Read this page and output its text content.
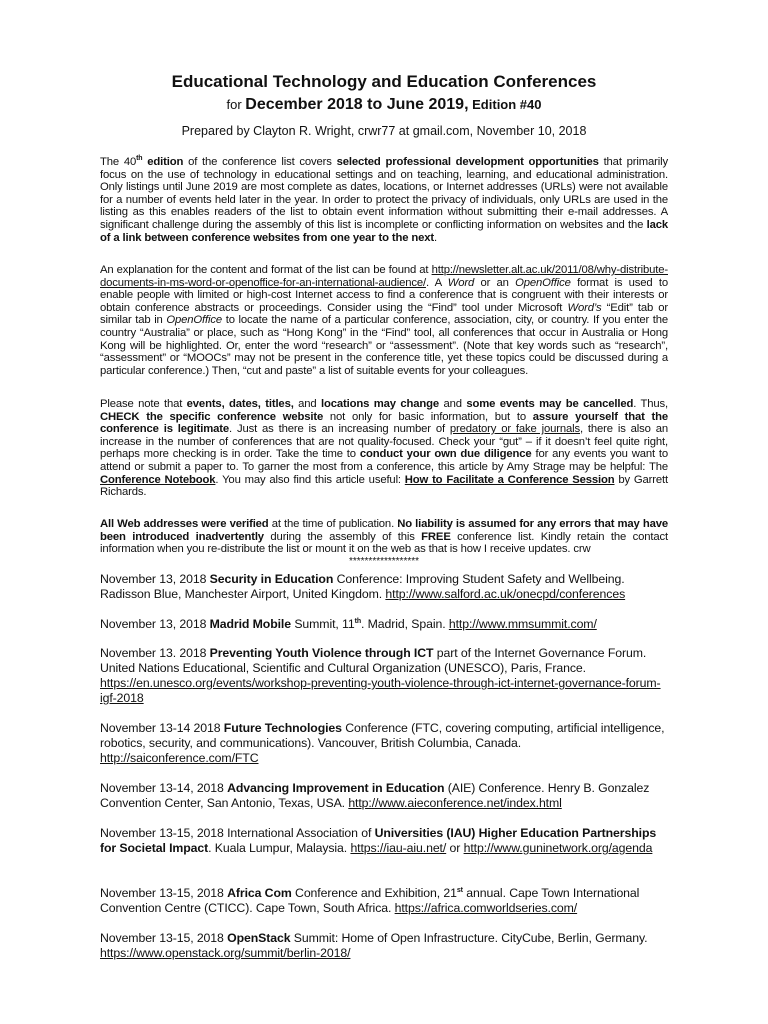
Educational Technology and Education Conferences

for December 2018 to June 2019, Edition #40

Prepared by Clayton R. Wright, crwr77 at gmail.com, November 10, 2018

The 40th edition of the conference list covers selected professional development opportunities that primarily focus on the use of technology in educational settings and on teaching, learning, and educational administration. Only listings until June 2019 are most complete as dates, locations, or Internet addresses (URLs) were not available for a number of events held later in the year. In order to protect the privacy of individuals, only URLs are used in the listing as this enables readers of the list to obtain event information without submitting their e-mail addresses. A significant challenge during the assembly of this list is incomplete or conflicting information on websites and the lack of a link between conference websites from one year to the next.

An explanation for the content and format of the list can be found at http://newsletter.alt.ac.uk/2011/08/why-distribute-documents-in-ms-word-or-openoffice-for-an-international-audience/. A Word or an OpenOffice format is used to enable people with limited or high-cost Internet access to find a conference that is congruent with their interests or obtain conference abstracts or proceedings. Consider using the “Find” tool under Microsoft Word’s “Edit” tab or similar tab in OpenOffice to locate the name of a particular conference, association, city, or country. If you enter the country “Australia” or place, such as “Hong Kong” in the “Find” tool, all conferences that occur in Australia or Hong Kong will be highlighted. Or, enter the word “research” or “assessment”. (Note that key words such as “research”, “assessment” or “MOOCs” may not be present in the conference title, yet these topics could be discussed during a particular conference.) Then, “cut and paste” a list of suitable events for your colleagues.

Please note that events, dates, titles, and locations may change and some events may be cancelled. Thus, CHECK the specific conference website not only for basic information, but to assure yourself that the conference is legitimate. Just as there is an increasing number of predatory or fake journals, there is also an increase in the number of conferences that are not quality-focused. Check your “gut” – if it doesn’t feel quite right, perhaps more checking is in order. Take the time to conduct your own due diligence for any events you want to attend or submit a paper to. To garner the most from a conference, this article by Amy Strage may be helpful: The Conference Notebook. You may also find this article useful: How to Facilitate a Conference Session by Garrett Richards.

All Web addresses were verified at the time of publication. No liability is assumed for any errors that may have been introduced inadvertently during the assembly of this FREE conference list. Kindly retain the contact information when you re-distribute the list or mount it on the web as that is how I receive updates. crw

******************

November 13, 2018 Security in Education Conference: Improving Student Safety and Wellbeing. Radisson Blue, Manchester Airport, United Kingdom. http://www.salford.ac.uk/onecpd/conferences

November 13, 2018 Madrid Mobile Summit, 11th. Madrid, Spain. http://www.mmsummit.com/

November 13. 2018 Preventing Youth Violence through ICT part of the Internet Governance Forum. United Nations Educational, Scientific and Cultural Organization (UNESCO), Paris, France. https://en.unesco.org/events/workshop-preventing-youth-violence-through-ict-internet-governance-forum-igf-2018

November 13-14 2018 Future Technologies Conference (FTC, covering computing, artificial intelligence, robotics, security, and communications). Vancouver, British Columbia, Canada. http://saiconference.com/FTC

November 13-14, 2018 Advancing Improvement in Education (AIE) Conference. Henry B. Gonzalez Convention Center, San Antonio, Texas, USA. http://www.aieconference.net/index.html

November 13-15, 2018 International Association of Universities (IAU) Higher Education Partnerships for Societal Impact. Kuala Lumpur, Malaysia. https://iau-aiu.net/ or http://www.guninetwork.org/agenda

November 13-15, 2018 Africa Com Conference and Exhibition, 21st annual. Cape Town International Convention Centre (CTICC). Cape Town, South Africa. https://africa.comworldseries.com/

November 13-15, 2018 OpenStack Summit: Home of Open Infrastructure. CityCube, Berlin, Germany. https://www.openstack.org/summit/berlin-2018/
